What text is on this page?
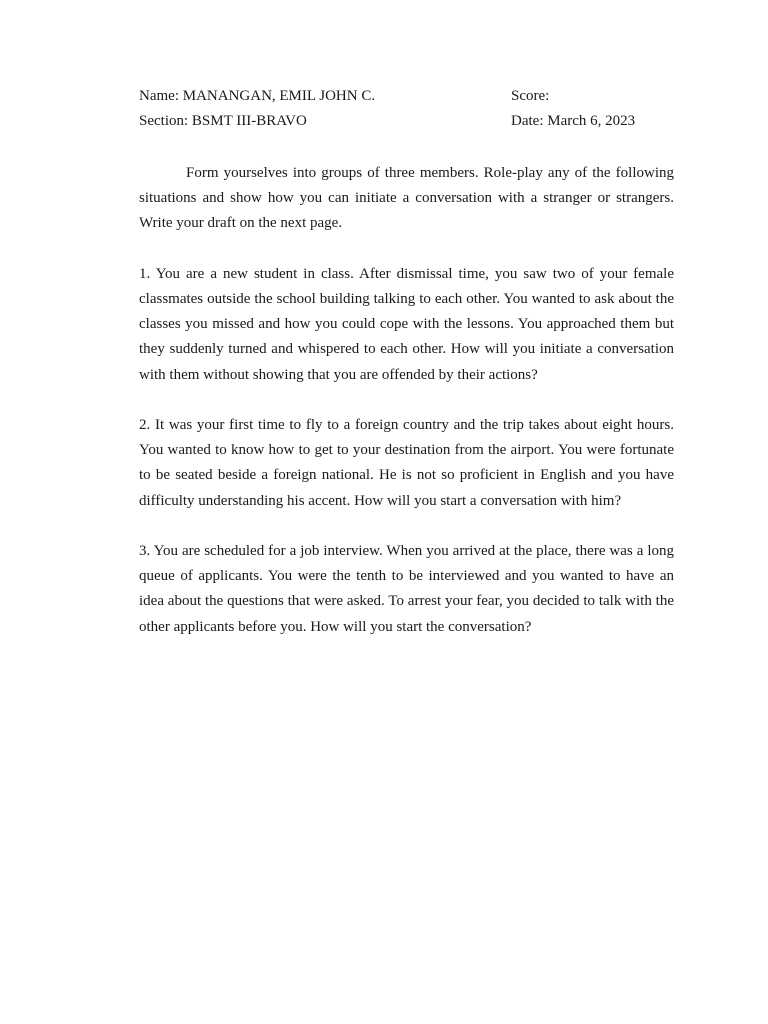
Name: MANANGAN, EMIL JOHN C.	Score:
Section: BSMT III-BRAVO	Date: March 6, 2023

Form yourselves into groups of three members. Role-play any of the following situations and show how you can initiate a conversation with a stranger or strangers. Write your draft on the next page.

1. You are a new student in class. After dismissal time, you saw two of your female classmates outside the school building talking to each other. You wanted to ask about the classes you missed and how you could cope with the lessons. You approached them but they suddenly turned and whispered to each other. How will you initiate a conversation with them without showing that you are offended by their actions?

2. It was your first time to fly to a foreign country and the trip takes about eight hours. You wanted to know how to get to your destination from the airport. You were fortunate to be seated beside a foreign national. He is not so proficient in English and you have difficulty understanding his accent. How will you start a conversation with him?

3. You are scheduled for a job interview. When you arrived at the place, there was a long queue of applicants. You were the tenth to be interviewed and you wanted to have an idea about the questions that were asked. To arrest your fear, you decided to talk with the other applicants before you. How will you start the conversation?
